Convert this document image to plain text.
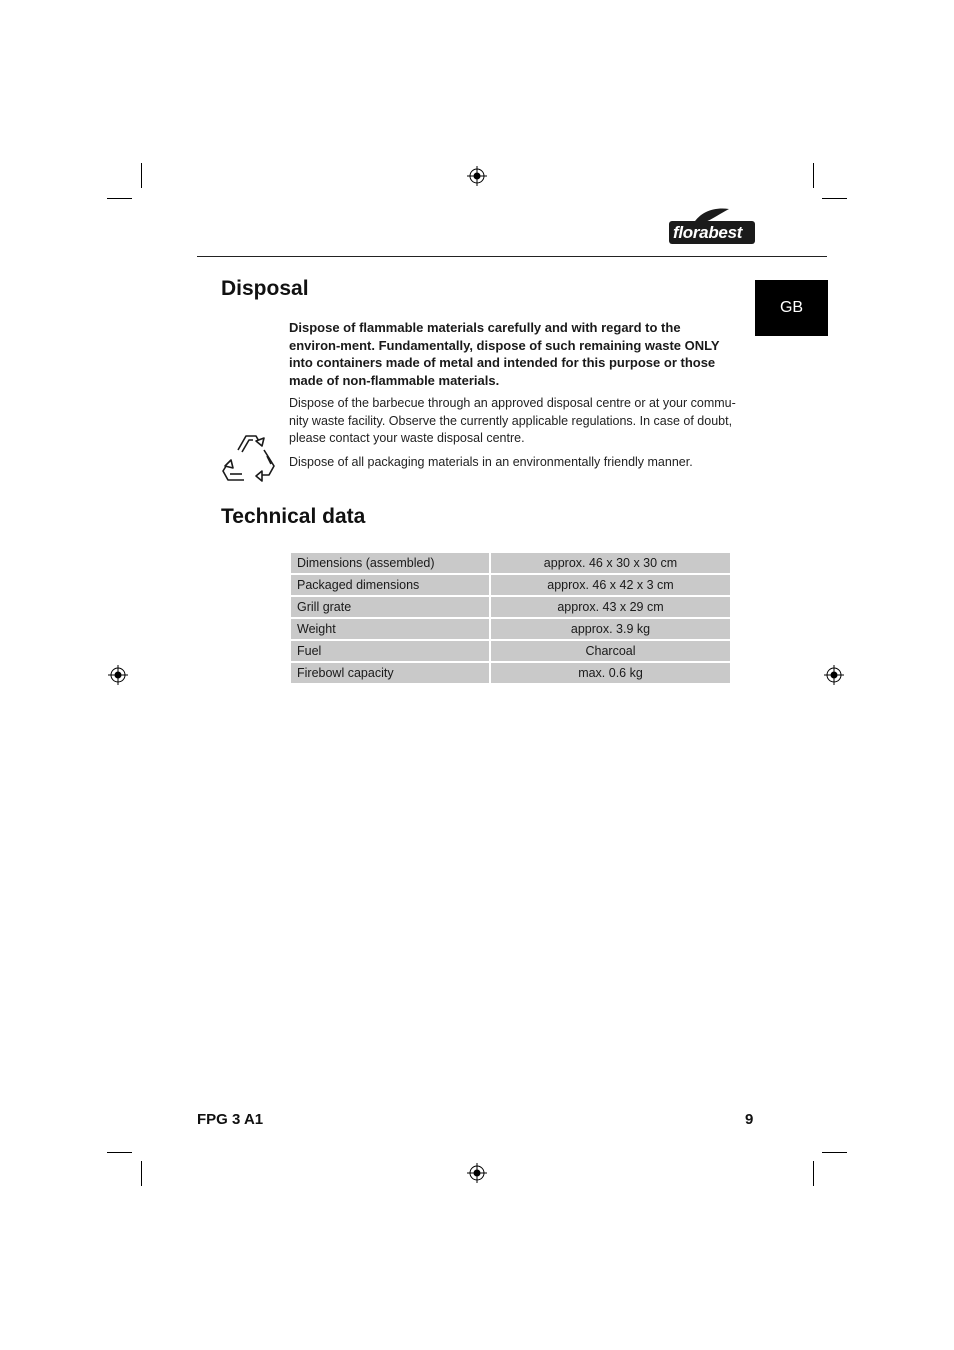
florabest
GB
Disposal

Dispose of flammable materials carefully and with regard to the environ-ment. Fundamentally, dispose of such remaining waste ONLY into containers made of metal and intended for this purpose or those made of non-flammable materials.

Dispose of the barbecue through an approved disposal centre or at your commu-nity waste facility. Observe the currently applicable regulations. In case of doubt, please contact your waste disposal centre.

Dispose of all packaging materials in an environmentally friendly manner.

Technical data
Dimensions (assembled)	approx. 46 x 30 x 30 cm
Packaged dimensions	approx. 46 x 42 x 3 cm
Grill grate	approx. 43 x 29 cm
Weight	approx. 3.9 kg
Fuel	Charcoal
Firebowl capacity	max. 0.6 kg
FPG 3 A1	9
